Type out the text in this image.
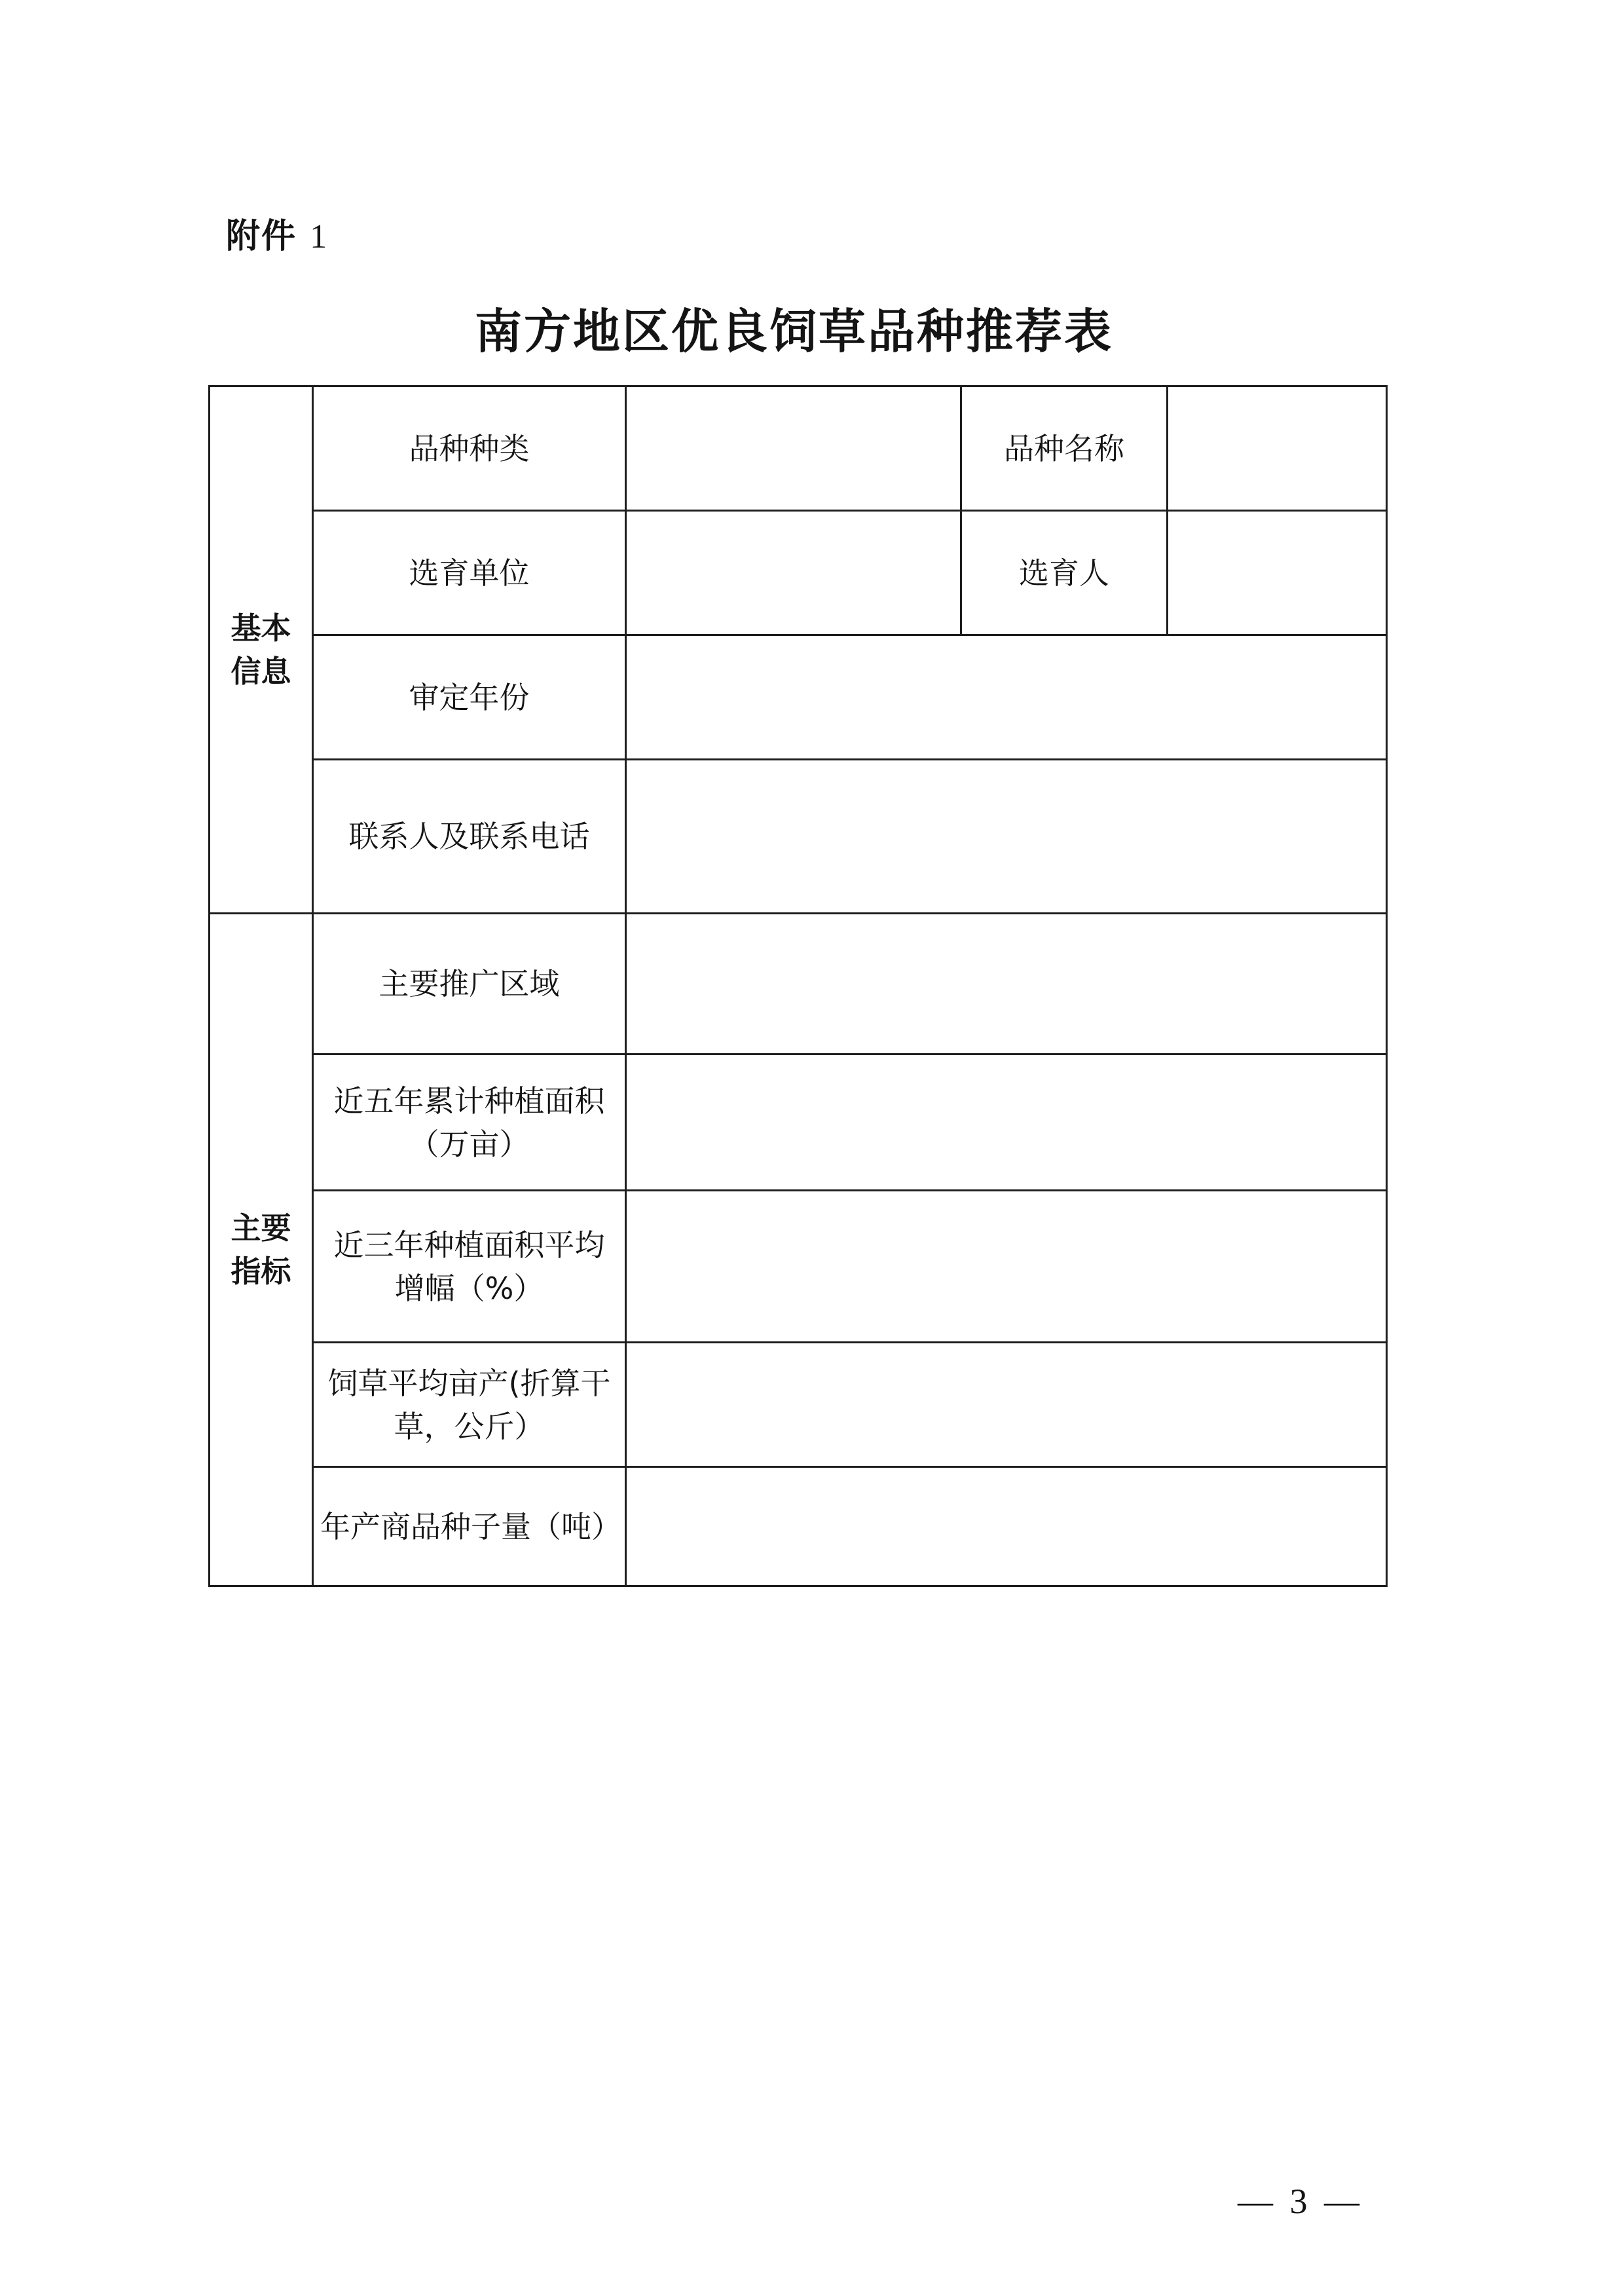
附件 1
南方地区优良饲草品种推荐表
基本信息	品种种类		品种名称	
	选育单位		选育人	
	审定年份			
	联系人及联系电话			
主要指标	主要推广区域			
	近五年累计种植面积（万亩）			
	近三年种植面积平均增幅（%）			
	饲草平均亩产(折算干草，公斤）			
	年产商品种子量（吨）			
— 3 —
